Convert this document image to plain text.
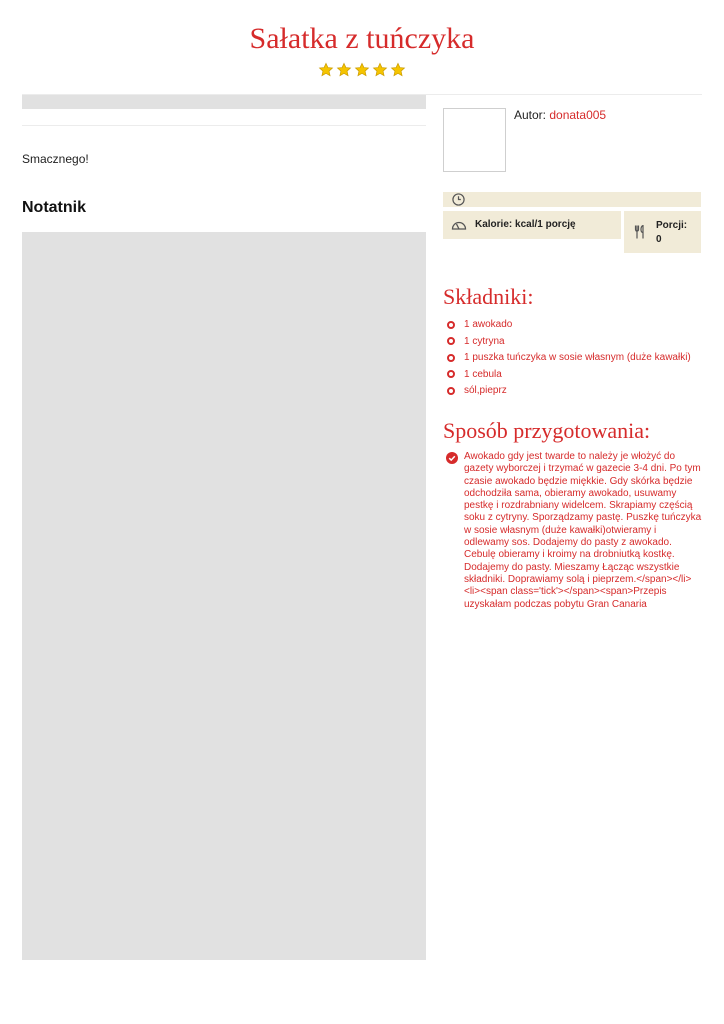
Sałatka z tuńczyka

Smacznego!

Notatnik
Autor: donata005
Kalorie: kcal/1 porcję	Porcji:
0
Składniki:
1 awokado
1 cytryna
1 puszka tuńczyka w sosie własnym (duże kawałki)
1 cebula
sól,pieprz
Sposób przygotowania:
Awokado gdy jest twarde to należy je włożyć do gazety wyborczej i trzymać w gazecie 3-4 dni. Po tym czasie awokado będzie miękkie. Gdy skórka będzie odchodziła sama, obieramy awokado, usuwamy pestkę i rozdrabniany widelcem. Skrapiamy częścią soku z cytryny. Sporządzamy pastę. Puszkę tuńczyka w sosie własnym (duże kawałki)otwieramy i odlewamy sos. Dodajemy do pasty z awokado. Cebulę obieramy i kroimy na drobniutką kostkę. Dodajemy do pasty. Mieszamy Łącząc wszystkie składniki. Doprawiamy solą i pieprzem.</span></li><li><span class='tick'></span><span>Przepis uzyskałam podczas pobytu Gran Canaria
